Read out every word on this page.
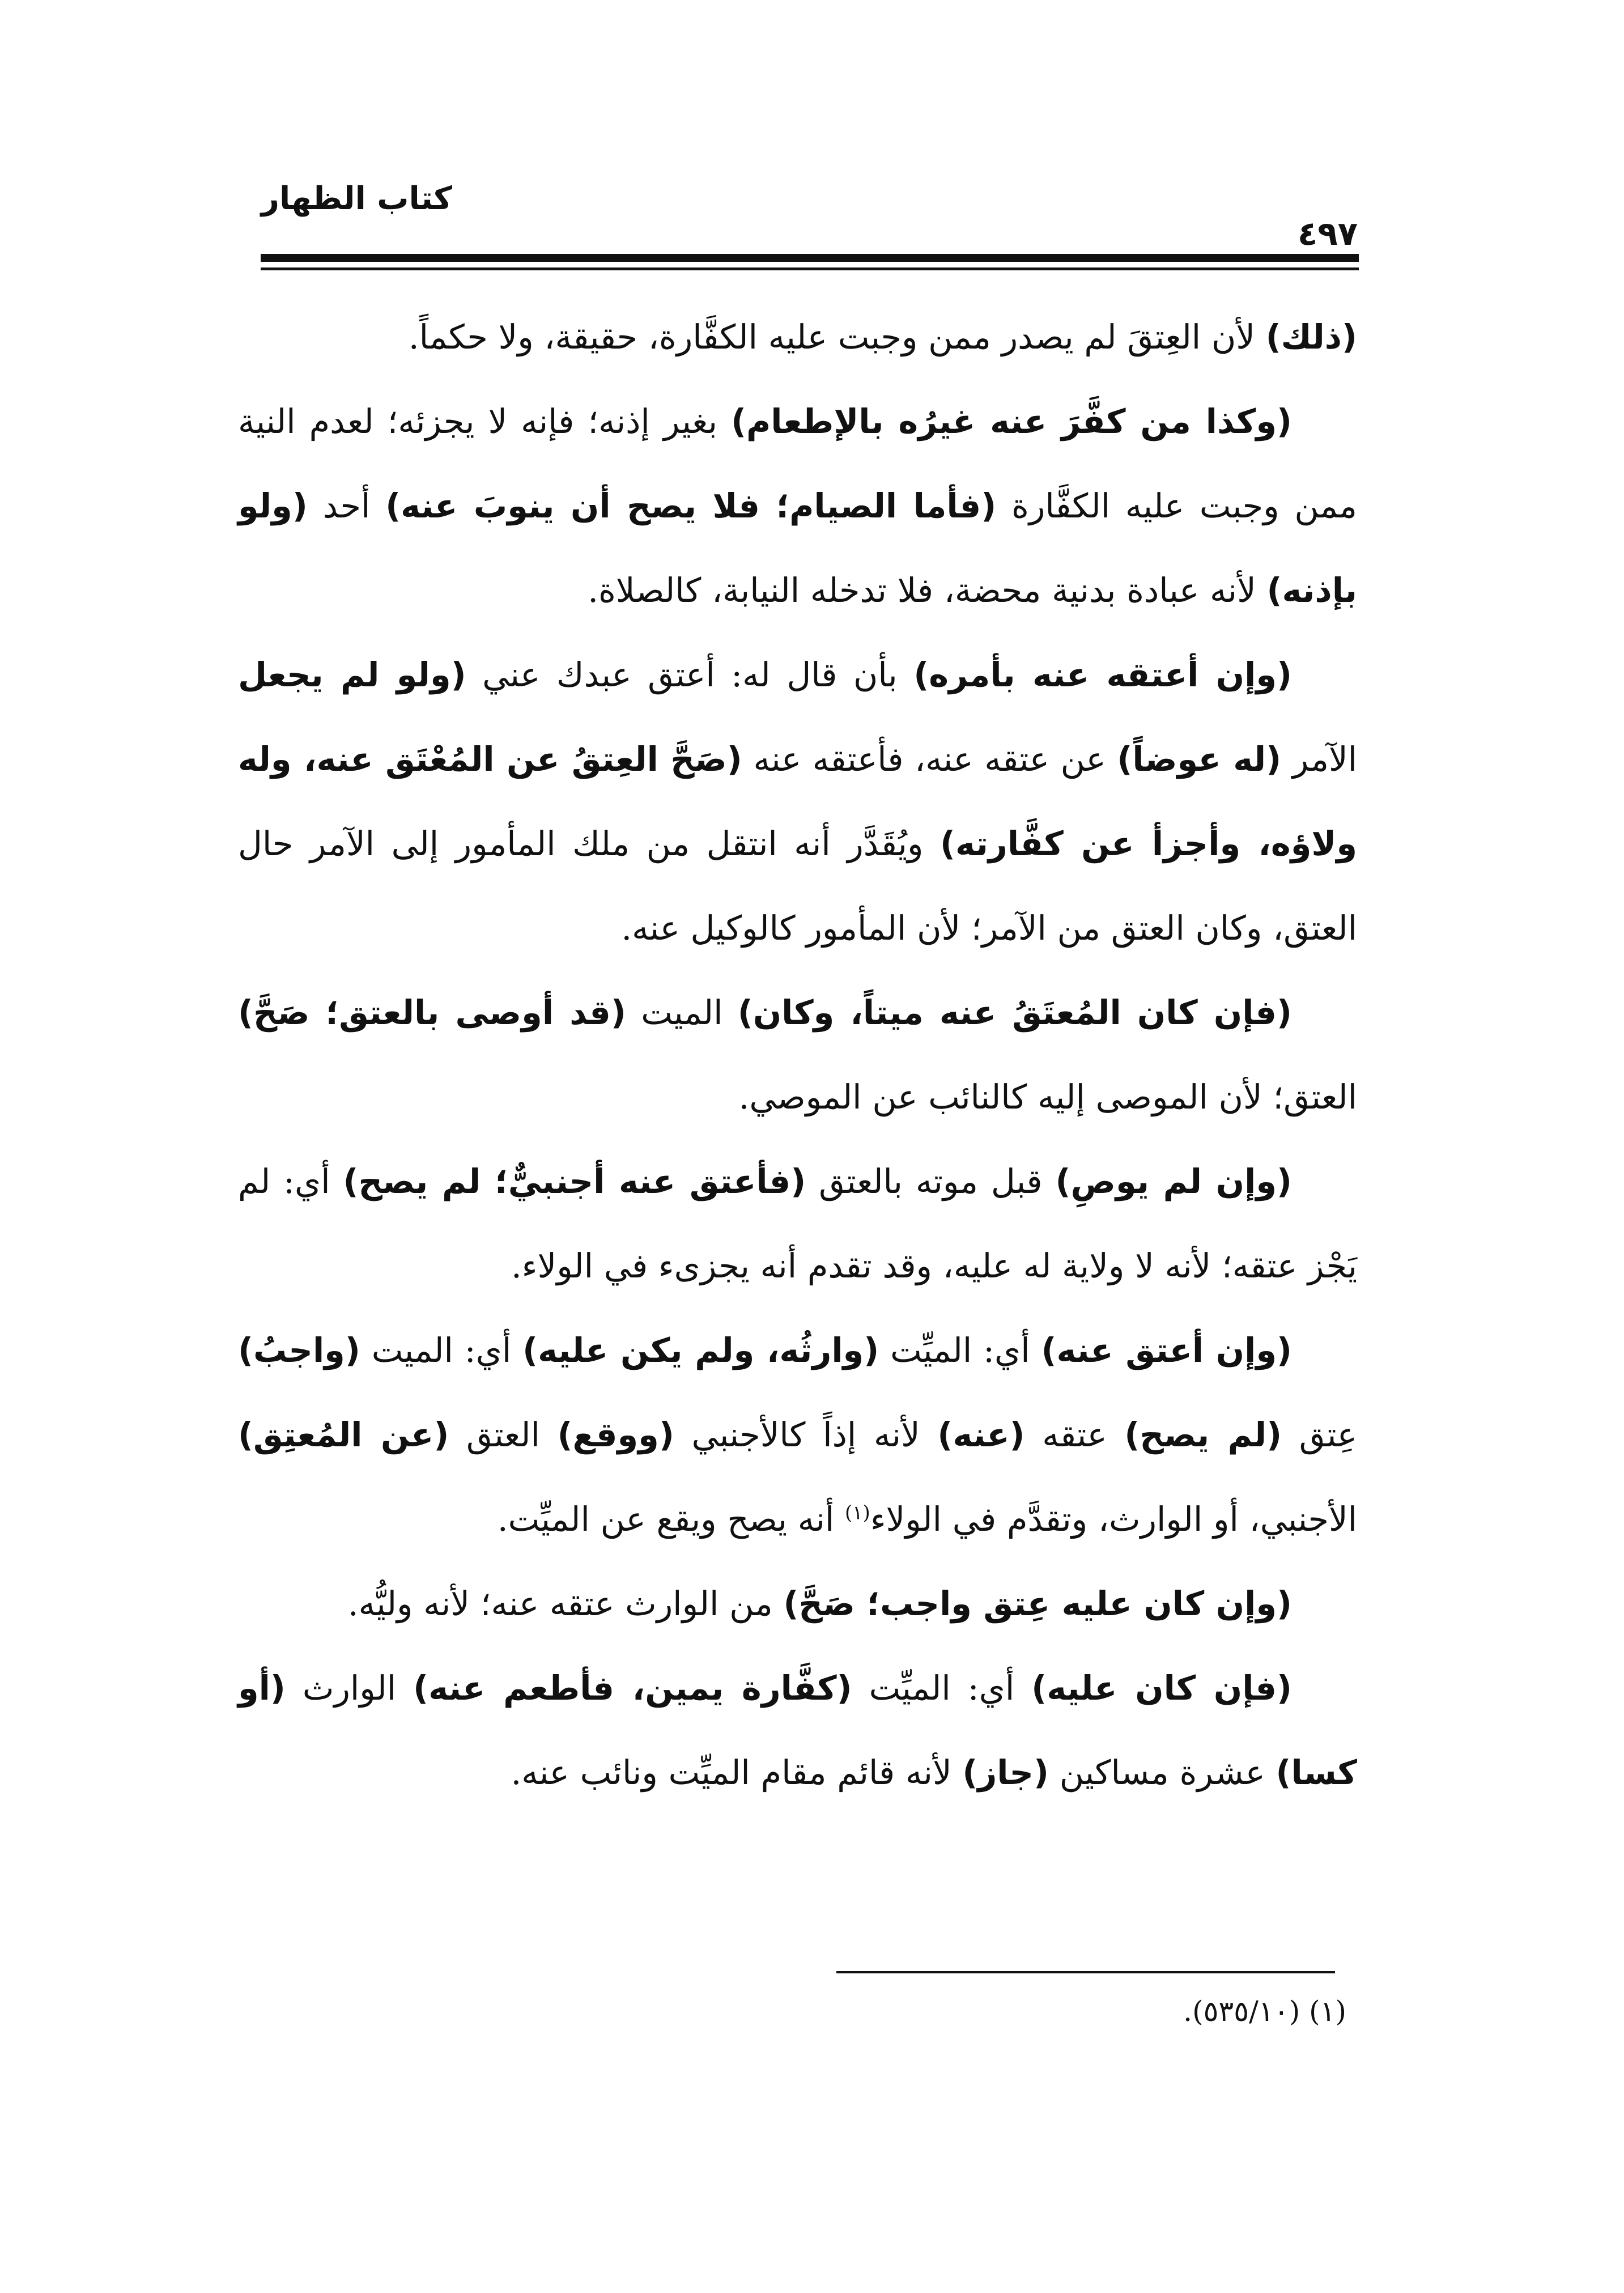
كتاب الظهار
٤٩٧

(ذلك) لأن العِتقَ لم يصدر ممن وجبت عليه الكفَّارة، حقيقة، ولا حكماً.

(وكذا من كفَّرَ عنه غيرُه بالإطعام) بغير إذنه؛ فإنه لا يجزئه؛ لعدم النية ممن وجبت عليه الكفَّارة (فأما الصيام؛ فلا يصح أن ينوبَ عنه) أحد (ولو بإذنه) لأنه عبادة بدنية محضة، فلا تدخله النيابة، كالصلاة.

(وإن أعتقه عنه بأمره) بأن قال له: أعتق عبدك عني (ولو لم يجعل الآمر (له عوضاً) عن عتقه عنه، فأعتقه عنه (صَحَّ العِتقُ عن المُعْتَق عنه، وله ولاؤه، وأجزأ عن كفَّارته) ويُقَدَّر أنه انتقل من ملك المأمور إلى الآمر حال العتق، وكان العتق من الآمر؛ لأن المأمور كالوكيل عنه.

(فإن كان المُعتَقُ عنه ميتاً، وكان) الميت (قد أوصى بالعتق؛ صَحَّ) العتق؛ لأن الموصى إليه كالنائب عن الموصي.

(وإن لم يوصِ) قبل موته بالعتق (فأعتق عنه أجنبيٌّ؛ لم يصح) أي: لم يَجْز عتقه؛ لأنه لا ولاية له عليه، وقد تقدم أنه يجزىء في الولاء.

(وإن أعتق عنه) أي: الميِّت (وارثُه، ولم يكن عليه) أي: الميت (واجبُ) عِتق (لم يصح) عتقه (عنه) لأنه إذاً كالأجنبي (ووقع) العتق (عن المُعتِق) الأجنبي، أو الوارث، وتقدَّم في الولاء$^{(١)}$ أنه يصح ويقع عن الميِّت.

(وإن كان عليه عِتق واجب؛ صَحَّ) من الوارث عتقه عنه؛ لأنه وليُّه.

(فإن كان عليه) أي: الميِّت (كفَّارة يمين، فأطعم عنه) الوارث (أو كسا) عشرة مساكين (جاز) لأنه قائم مقام الميِّت ونائب عنه.

(١) (٥٣٥/١٠).
